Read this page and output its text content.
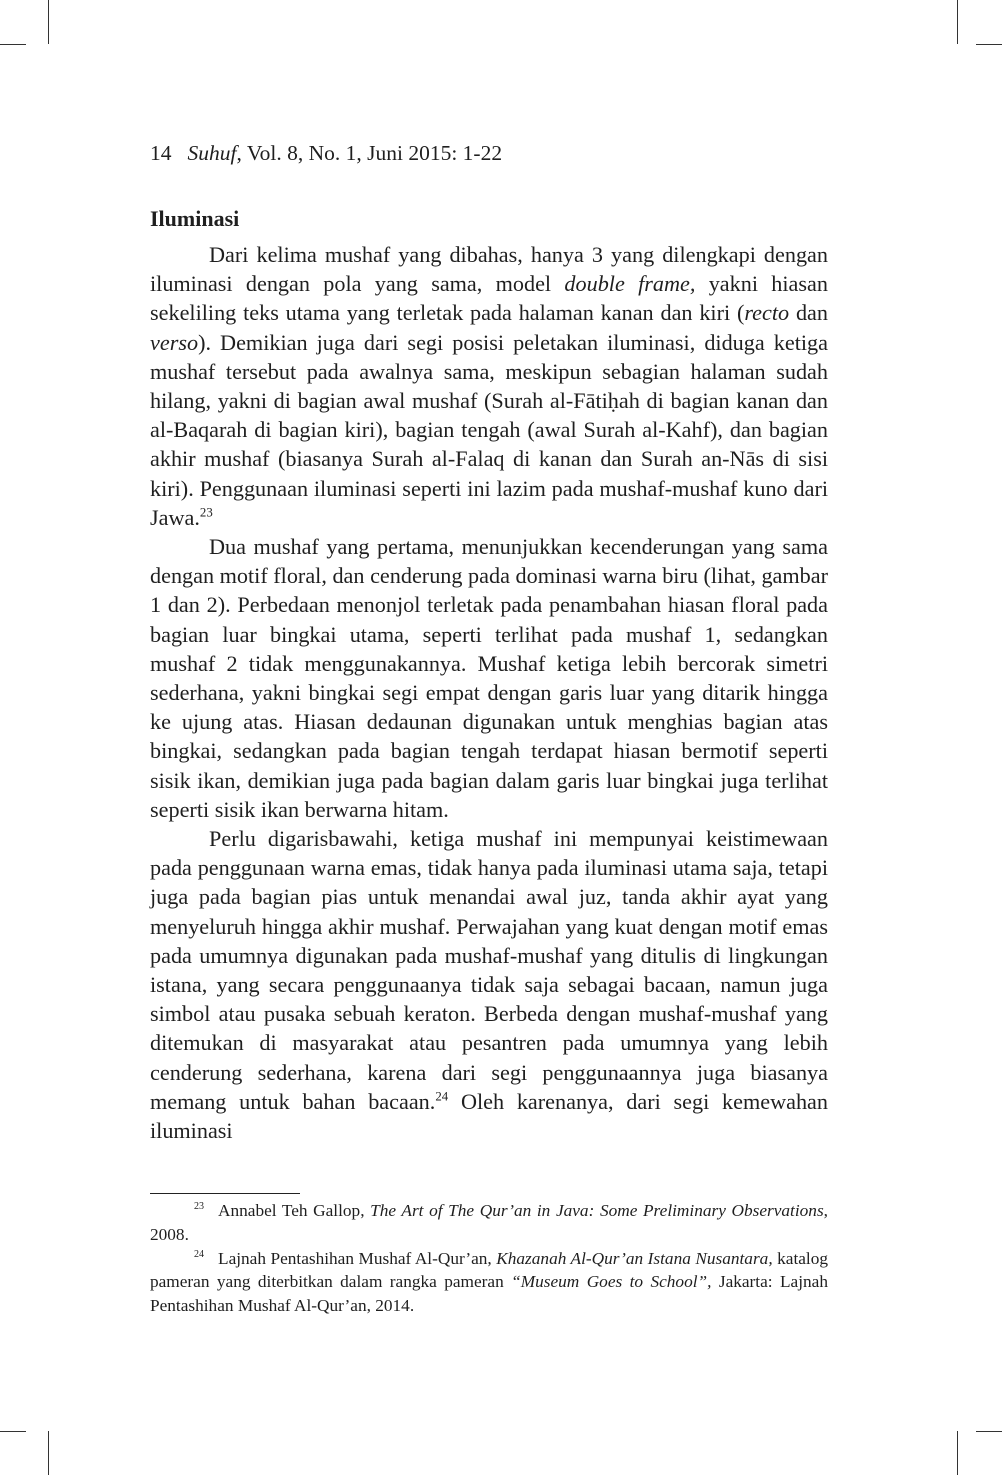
14 Suhuf, Vol. 8, No. 1, Juni 2015: 1-22
Iluminasi

Dari kelima mushaf yang dibahas, hanya 3 yang dilengkapi dengan iluminasi dengan pola yang sama, model double frame, yakni hiasan sekeliling teks utama yang terletak pada halaman kanan dan kiri (recto dan verso). Demikian juga dari segi posisi peletakan iluminasi, diduga ketiga mushaf tersebut pada awalnya sama, meskipun sebagian halaman sudah hilang, yakni di bagian awal mushaf (Surah al-Fātiḥah di bagian kanan dan al-Baqarah di bagian kiri), bagian tengah (awal Surah al-Kahf), dan bagian akhir mushaf (biasanya Surah al-Falaq di kanan dan Surah an-Nās di sisi kiri). Penggunaan iluminasi seperti ini lazim pada mushaf-mushaf kuno dari Jawa.$^{23}$

Dua mushaf yang pertama, menunjukkan kecenderungan yang sama dengan motif floral, dan cenderung pada dominasi warna biru (lihat, gambar 1 dan 2). Perbedaan menonjol terletak pada penambahan hiasan floral pada bagian luar bingkai utama, seperti terlihat pada mushaf 1, sedangkan mushaf 2 tidak menggunakannya. Mushaf ketiga lebih bercorak simetri sederhana, yakni bingkai segi empat dengan garis luar yang ditarik hingga ke ujung atas. Hiasan dedaunan digunakan untuk menghias bagian atas bingkai, sedangkan pada bagian tengah terdapat hiasan bermotif seperti sisik ikan, demikian juga pada bagian dalam garis luar bingkai juga terlihat seperti sisik ikan berwarna hitam.

Perlu digarisbawahi, ketiga mushaf ini mempunyai keistimewaan pada penggunaan warna emas, tidak hanya pada iluminasi utama saja, tetapi juga pada bagian pias untuk menandai awal juz, tanda akhir ayat yang menyeluruh hingga akhir mushaf. Perwajahan yang kuat dengan motif emas pada umumnya digunakan pada mushaf-mushaf yang ditulis di lingkungan istana, yang secara penggunaanya tidak saja sebagai bacaan, namun juga simbol atau pusaka sebuah keraton. Berbeda dengan mushaf-mushaf yang ditemukan di masyarakat atau pesantren pada umumnya yang lebih cenderung sederhana, karena dari segi penggunaannya juga biasanya memang untuk bahan bacaan.$^{24}$ Oleh karenanya, dari segi kemewahan iluminasi

$^{23}$ Annabel Teh Gallop, The Art of The Qur’an in Java: Some Preliminary Observations, 2008.

$^{24}$ Lajnah Pentashihan Mushaf Al-Qur’an, Khazanah Al-Qur’an Istana Nusantara, katalog pameran yang diterbitkan dalam rangka pameran “Museum Goes to School”, Jakarta: Lajnah Pentashihan Mushaf Al-Qur’an, 2014.
